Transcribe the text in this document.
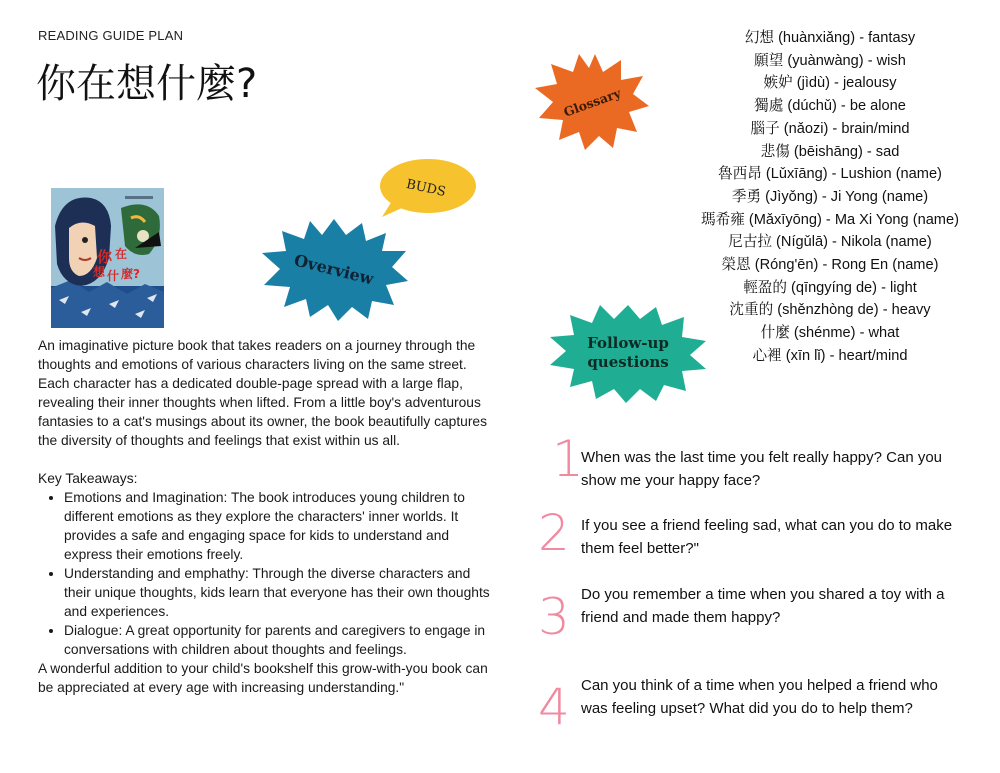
READING GUIDE PLAN
你在想什麼?
你 在
想 什 麼?
BUDS
Overview

An imaginative picture book that takes readers on a journey through the thoughts and emotions of various characters living on the same street. Each character has a dedicated double-page spread with a large flap, revealing their inner thoughts when lifted. From a little boy's adventurous fantasies to a cat's musings about its owner, the book beautifully captures the diversity of thoughts and feelings that exist within us all.

Key Takeaways:

• Emotions and Imagination: The book introduces young children to different emotions as they explore the characters' inner worlds. It provides a safe and engaging space for kids to understand and express their emotions freely.
• Understanding and emphathy: Through the diverse characters and their unique thoughts, kids learn that everyone has their own thoughts and experiences.
• Dialogue: A great opportunity for parents and caregivers to engage in conversations with children about thoughts and feelings.

A wonderful addition to your child's bookshelf this grow-with-you book can be appreciated at every age with increasing understanding."

Glossary
幻想 (huànxiǎng) - fantasy
願望 (yuànwàng) - wish
嫉妒 (jìdù) - jealousy
獨處 (dúchǔ) - be alone
腦子 (nǎozi) - brain/mind
悲傷 (bēishāng) - sad
魯西昂 (Lǔxīāng) - Lushion (name)
季勇 (Jìyǒng) - Ji Yong (name)
瑪希雍 (Mǎxīyōng) - Ma Xi Yong (name)
尼古拉 (Nígǔlā) - Nikola (name)
榮恩 (Róng'ēn) - Rong En (name)
輕盈的 (qīngyíng de) - light
沈重的 (shěnzhòng de) - heavy
什麼 (shénme) - what
心裡 (xīn lǐ) - heart/mind
Follow-up
questions
1
When was the last time you felt really happy? Can you show me your happy face?
2 If you see a friend feeling sad, what can you do to make them feel better?"
3 Do you remember a time when you shared a toy with a friend and made them happy?
4 Can you think of a time when you helped a friend who was feeling upset? What did you do to help them?
